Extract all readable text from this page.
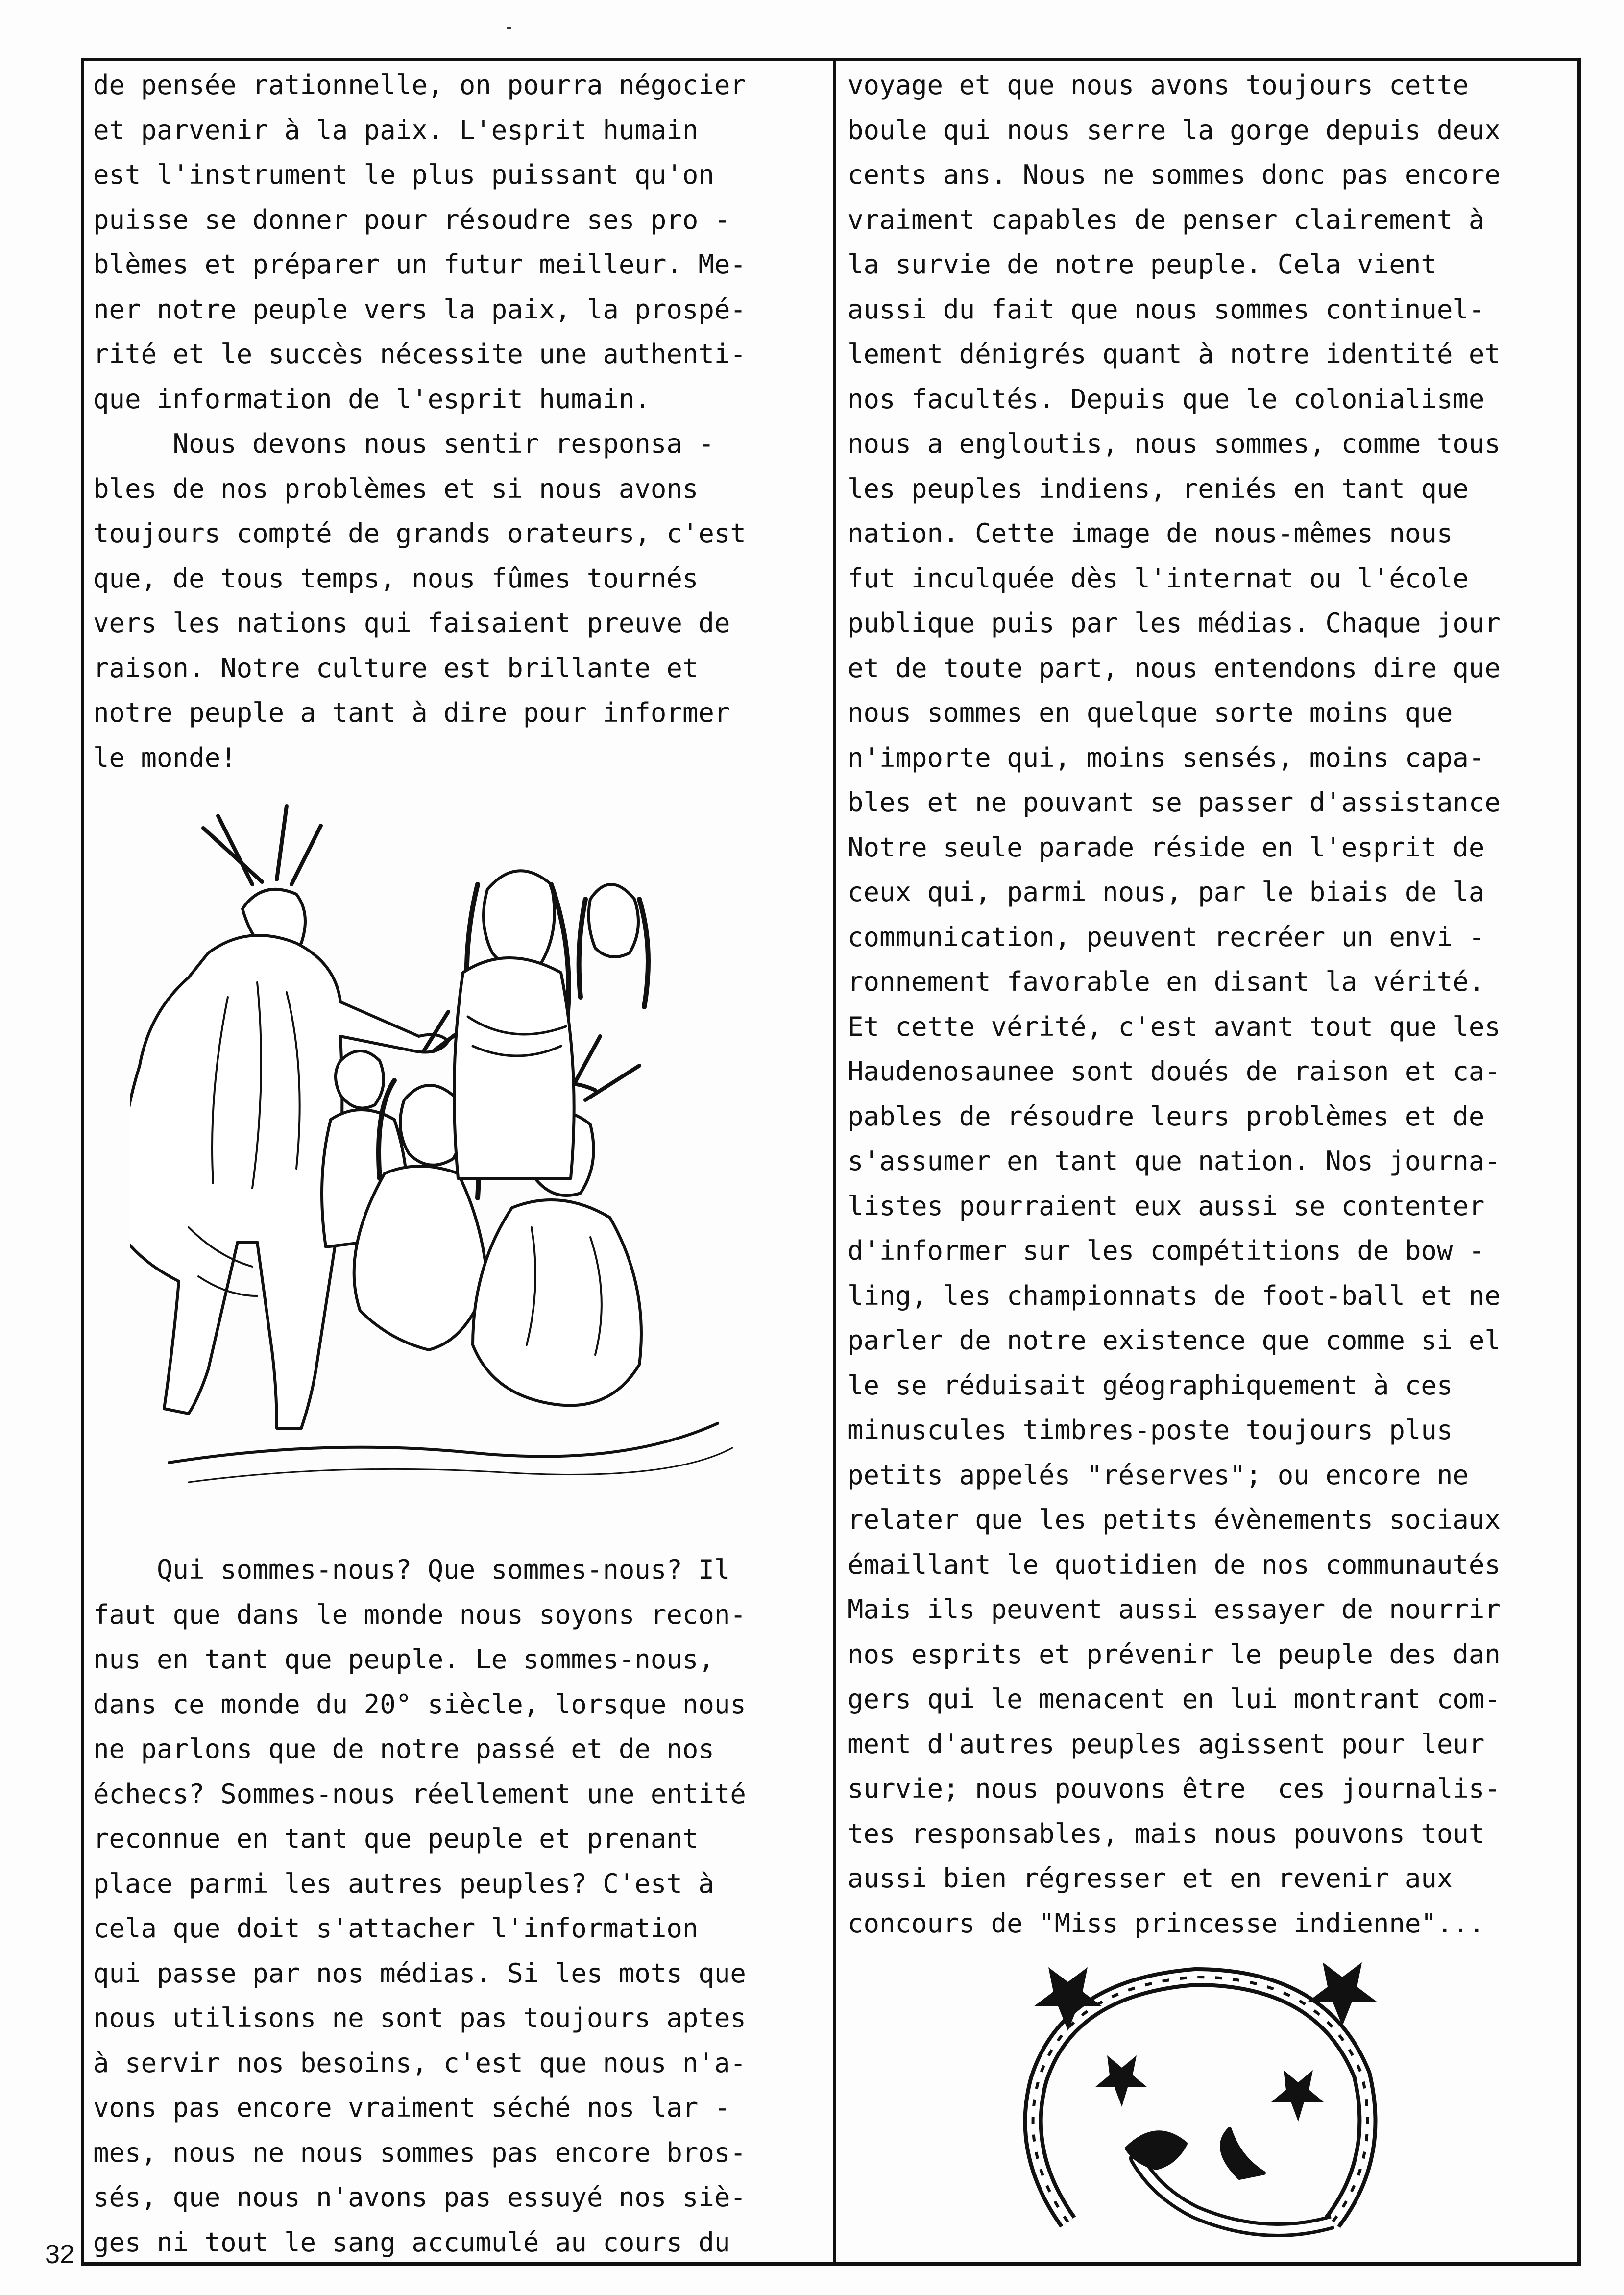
de pensée rationnelle, on pourra négocier
et parvenir à la paix. L'esprit humain
est l'instrument le plus puissant qu'on
puisse se donner pour résoudre ses pro -
blèmes et préparer un futur meilleur. Me-
ner notre peuple vers la paix, la prospé-
rité et le succès nécessite une authenti-
que information de l'esprit humain.
Nous devons nous sentir responsa -
bles de nos problèmes et si nous avons
toujours compté de grands orateurs, c'est
que, de tous temps, nous fûmes tournés
vers les nations qui faisaient preuve de
raison. Notre culture est brillante et
notre peuple a tant à dire pour informer
le monde!
Qui sommes-nous? Que sommes-nous? Il
faut que dans le monde nous soyons recon-
nus en tant que peuple. Le sommes-nous,
dans ce monde du 20° siècle, lorsque nous
ne parlons que de notre passé et de nos
échecs? Sommes-nous réellement une entité
reconnue en tant que peuple et prenant
place parmi les autres peuples? C'est à
cela que doit s'attacher l'information
qui passe par nos médias. Si les mots que
nous utilisons ne sont pas toujours aptes
à servir nos besoins, c'est que nous n'a-
vons pas encore vraiment séché nos lar -
mes, nous ne nous sommes pas encore bros-
sés, que nous n'avons pas essuyé nos siè-
ges ni tout le sang accumulé au cours du
voyage et que nous avons toujours cette
boule qui nous serre la gorge depuis deux
cents ans. Nous ne sommes donc pas encore
vraiment capables de penser clairement à
la survie de notre peuple. Cela vient
aussi du fait que nous sommes continuel-
lement dénigrés quant à notre identité et
nos facultés. Depuis que le colonialisme
nous a engloutis, nous sommes, comme tous
les peuples indiens, reniés en tant que
nation. Cette image de nous-mêmes nous
fut inculquée dès l'internat ou l'école
publique puis par les médias. Chaque jour
et de toute part, nous entendons dire que
nous sommes en quelque sorte moins que
n'importe qui, moins sensés, moins capa-
bles et ne pouvant se passer d'assistance
Notre seule parade réside en l'esprit de
ceux qui, parmi nous, par le biais de la
communication, peuvent recréer un envi -
ronnement favorable en disant la vérité.
Et cette vérité, c'est avant tout que les
Haudenosaunee sont doués de raison et ca-
pables de résoudre leurs problèmes et de
s'assumer en tant que nation. Nos journa-
listes pourraient eux aussi se contenter
d'informer sur les compétitions de bow -
ling, les championnats de foot-ball et ne
parler de notre existence que comme si el
le se réduisait géographiquement à ces
minuscules timbres-poste toujours plus
petits appelés "réserves"; ou encore ne
relater que les petits évènements sociaux
émaillant le quotidien de nos communautés
Mais ils peuvent aussi essayer de nourrir
nos esprits et prévenir le peuple des dan
gers qui le menacent en lui montrant com-
ment d'autres peuples agissent pour leur
survie; nous pouvons être  ces journalis-
tes responsables, mais nous pouvons tout
aussi bien régresser et en revenir aux
concours de "Miss princesse indienne"...
32
